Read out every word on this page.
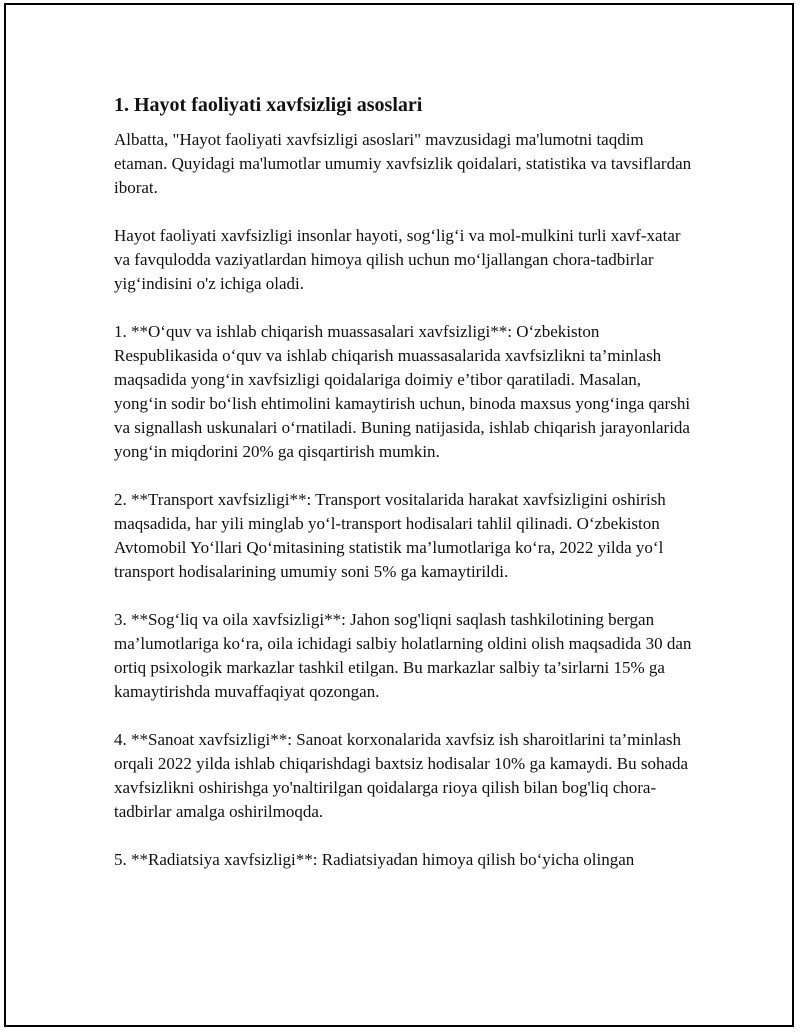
1. Hayot faoliyati xavfsizligi asoslari

Albatta, "Hayot faoliyati xavfsizligi asoslari" mavzusidagi ma'lumotni taqdim etaman. Quyidagi ma'lumotlar umumiy xavfsizlik qoidalari, statistika va tavsiflardan iborat.

Hayot faoliyati xavfsizligi insonlar hayoti, sog‘lig‘i va mol-mulkini turli xavf-xatar va favqulodda vaziyatlardan himoya qilish uchun mo‘ljallangan chora-tadbirlar yig‘indisini o'z ichiga oladi.

1. **O‘quv va ishlab chiqarish muassasalari xavfsizligi**: O‘zbekiston Respublikasida o‘quv va ishlab chiqarish muassasalarida xavfsizlikni ta’minlash maqsadida yong‘in xavfsizligi qoidalariga doimiy e’tibor qaratiladi. Masalan, yong‘in sodir bo‘lish ehtimolini kamaytirish uchun, binoda maxsus yong‘inga qarshi va signallash uskunalari o‘rnatiladi. Buning natijasida, ishlab chiqarish jarayonlarida yong‘in miqdorini 20% ga qisqartirish mumkin.

2. **Transport xavfsizligi**: Transport vositalarida harakat xavfsizligini oshirish maqsadida, har yili minglab yo‘l-transport hodisalari tahlil qilinadi. O‘zbekiston Avtomobil Yo‘llari Qo‘mitasining statistik ma’lumotlariga ko‘ra, 2022 yilda yo‘l transport hodisalarining umumiy soni 5% ga kamaytirildi.

3. **Sog‘liq va oila xavfsizligi**: Jahon sog'liqni saqlash tashkilotining bergan ma’lumotlariga ko‘ra, oila ichidagi salbiy holatlarning oldini olish maqsadida 30 dan ortiq psixologik markazlar tashkil etilgan. Bu markazlar salbiy ta’sirlarni 15% ga kamaytirishda muvaffaqiyat qozongan.

4. **Sanoat xavfsizligi**: Sanoat korxonalarida xavfsiz ish sharoitlarini ta’minlash orqali 2022 yilda ishlab chiqarishdagi baxtsiz hodisalar 10% ga kamaydi. Bu sohada xavfsizlikni oshirishga yo'naltirilgan qoidalarga rioya qilish bilan bog'liq chora-tadbirlar amalga oshirilmoqda.

5. **Radiatsiya xavfsizligi**: Radiatsiyadan himoya qilish bo‘yicha olingan
